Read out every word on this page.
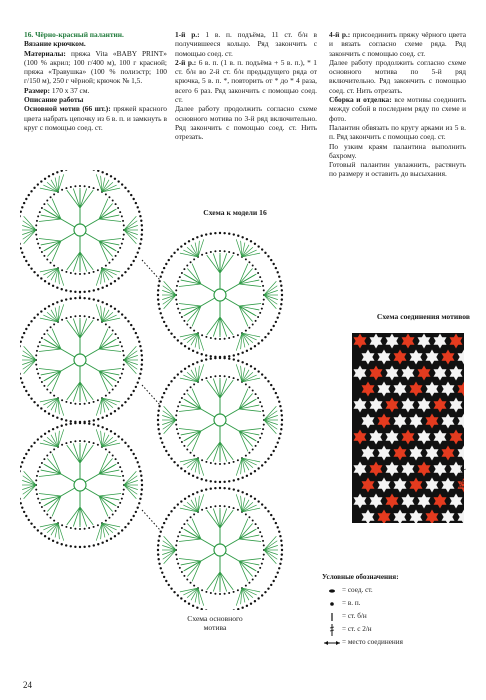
16. Чёрно-красный палантин.

Вязание крючком.

Материалы: пряжа Vita «BABY PRINT» (100 % акрил; 100 г/400 м), 100 г красной; пряжа «Травушка» (100 % полиэстр; 100 г/150 м), 250 г чёрной; крючок № 1,5.

Размер: 170 х 37 см.

Описание работы

Основной мотив (66 шт.): пряжей красного цвета набрать цепочку из 6 в. п. и замкнуть в круг с помощью соед. ст.

1-й р.: 1 в. п. подъёма, 11 ст. б/н в получившееся кольцо. Ряд закончить с помощью соед. ст.

2-й р.: 6 в. п. (1 в. п. подъёма + 5 в. п.), * 1 ст. б/н во 2-й ст. б/н предыдущего ряда от крючка, 5 в. п. *, повторить от * до * 4 раза, всего 6 раз. Ряд закончить с помощью соед. ст.

Далее работу продолжить согласно схеме основного мотива по 3-й ряд включительно. Ряд закончить с помощью соед. ст. Нить отрезать.

4-й р.: присоединить пряжу чёрного цвета и вязать согласно схеме ряда. Ряд закончить с помощью соед. ст.

Далее работу продолжить согласно схеме основного мотива по 5-й ряд включительно. Ряд закончить с помощью соед. ст. Нить отрезать.

Сборка и отделка: все мотивы соединить между собой в последнем ряду по схеме и фото.

Палантин обвязать по кругу арками из 5 в. п. Ряд закончить с помощью соед. ст.

По узким краям палантина выполнить бахрому.

Готовый палантин увлажнить, растянуть по размеру и оставить до высыхания.

Схема к модели 16
Схема основного мотива
Схема соединения мотивов
Раппорт
Условные обозначения:
= соед. ст.
= в. п.
= ст. б/н
= ст. с 2/н
= место соединения
24
